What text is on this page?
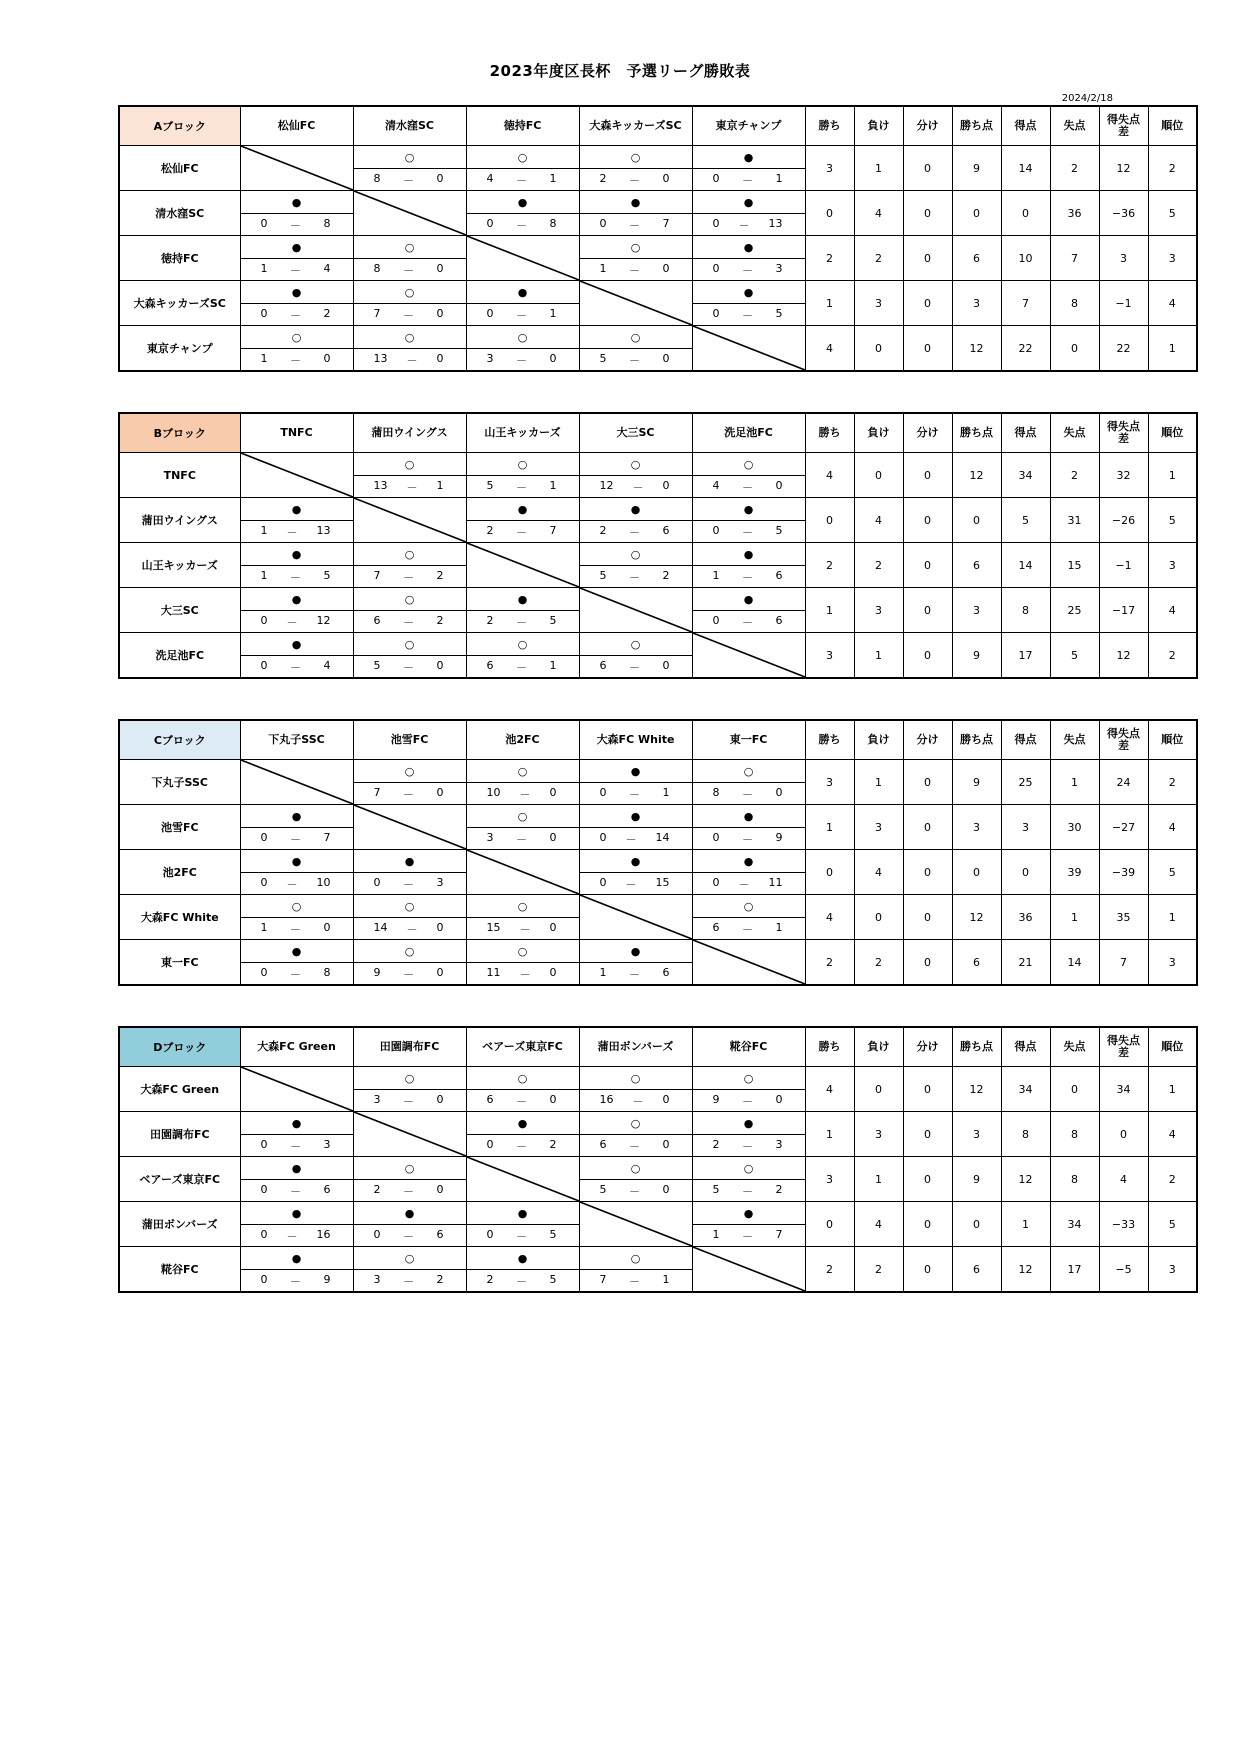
2023年度区長杯　予選リーグ勝敗表
2024/2/18
Aブロック	松仙FC	清水窪SC	徳持FC	大森キッカーズSC	東京チャンプ	勝ち	負け	分け	勝ち点	得点	失点	得失点
差	順位
松仙FC		○	○	○	●	3	1	0	9	14	2	12	2

		8 － 0	4 － 1	2 － 0	0 － 1								

清水窪SC	●		●	●	●	0	4	0	0	0	36	−36	5

	0 － 8		0 － 8	0 － 7	0 － 13								

徳持FC	●	○		○	●	2	2	0	6	10	7	3	3

	1 － 4	8 － 0		1 － 0	0 － 3								

大森キッカーズSC	●	○	●		●	1	3	0	3	7	8	−1	4

	0 － 2	7 － 0	0 － 1		0 － 5								

東京チャンプ	○	○	○	○		4	0	0	12	22	0	22	1

	1 － 0	13 － 0	3 － 0	5 － 0									
Bブロック	TNFC	蒲田ウイングス	山王キッカーズ	大三SC	洗足池FC	勝ち	負け	分け	勝ち点	得点	失点	得失点
差	順位
TNFC		○	○	○	○	4	0	0	12	34	2	32	1

		13 － 1	5 － 1	12 － 0	4 － 0								

蒲田ウイングス	●		●	●	●	0	4	0	0	5	31	−26	5

	1 － 13		2 － 7	2 － 6	0 － 5								

山王キッカーズ	●	○		○	●	2	2	0	6	14	15	−1	3

	1 － 5	7 － 2		5 － 2	1 － 6								

大三SC	●	○	●		●	1	3	0	3	8	25	−17	4

	0 － 12	6 － 2	2 － 5		0 － 6								

洗足池FC	●	○	○	○		3	1	0	9	17	5	12	2

	0 － 4	5 － 0	6 － 1	6 － 0									
Cブロック	下丸子SSC	池雪FC	池2FC	大森FC White	東一FC	勝ち	負け	分け	勝ち点	得点	失点	得失点
差	順位
下丸子SSC		○	○	●	○	3	1	0	9	25	1	24	2

		7 － 0	10 － 0	0 － 1	8 － 0								

池雪FC	●		○	●	●	1	3	0	3	3	30	−27	4

	0 － 7		3 － 0	0 － 14	0 － 9								

池2FC	●	●		●	●	0	4	0	0	0	39	−39	5

	0 － 10	0 － 3		0 － 15	0 － 11								

大森FC White	○	○	○		○	4	0	0	12	36	1	35	1

	1 － 0	14 － 0	15 － 0		6 － 1								

東一FC	●	○	○	●		2	2	0	6	21	14	7	3

	0 － 8	9 － 0	11 － 0	1 － 6									
Dブロック	大森FC Green	田園調布FC	ベアーズ東京FC	蒲田ボンバーズ	糀谷FC	勝ち	負け	分け	勝ち点	得点	失点	得失点
差	順位
大森FC Green		○	○	○	○	4	0	0	12	34	0	34	1

		3 － 0	6 － 0	16 － 0	9 － 0								

田園調布FC	●		●	○	●	1	3	0	3	8	8	0	4

	0 － 3		0 － 2	6 － 0	2 － 3								

ベアーズ東京FC	●	○		○	○	3	1	0	9	12	8	4	2

	0 － 6	2 － 0		5 － 0	5 － 2								

蒲田ボンバーズ	●	●	●		●	0	4	0	0	1	34	−33	5

	0 － 16	0 － 6	0 － 5		1 － 7								

糀谷FC	●	○	●	○		2	2	0	6	12	17	−5	3

	0 － 9	3 － 2	2 － 5	7 － 1									
